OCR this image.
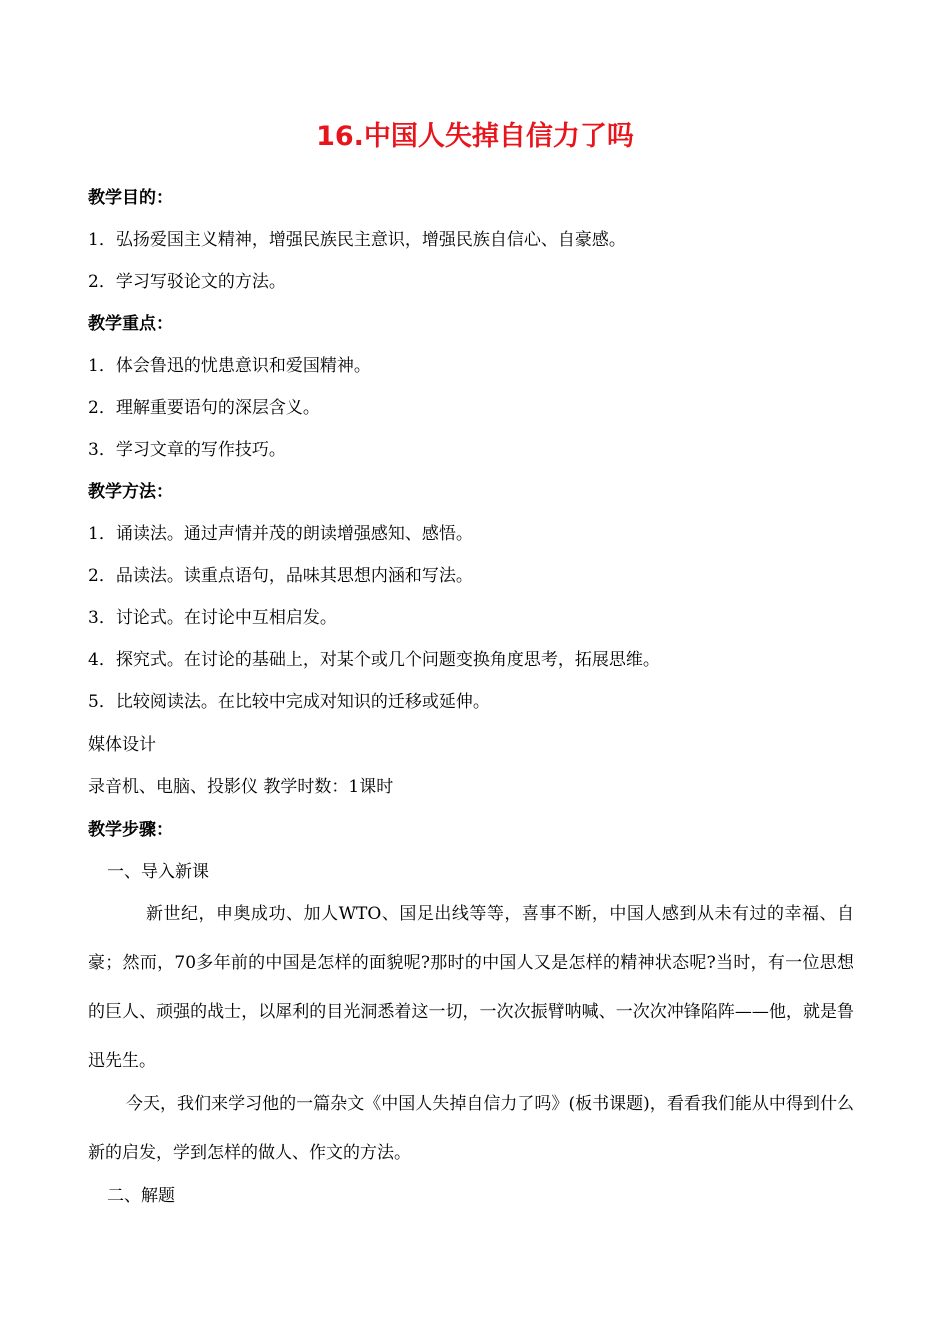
16.中国人失掉自信力了吗
教学目的：
1．弘扬爱国主义精神，增强民族民主意识，增强民族自信心、自豪感。
2．学习写驳论文的方法。
教学重点：
1．体会鲁迅的忧患意识和爱国精神。
2．理解重要语句的深层含义。
3．学习文章的写作技巧。
教学方法：
1．诵读法。通过声情并茂的朗读增强感知、感悟。
2．品读法。读重点语句，品味其思想内涵和写法。
3．讨论式。在讨论中互相启发。
4．探究式。在讨论的基础上，对某个或几个问题变换角度思考，拓展思维。
5．比较阅读法。在比较中完成对知识的迁移或延伸。
媒体设计
录音机、电脑、投影仪 教学时数：1课时
教学步骤：
一、导入新课
新世纪，申奥成功、加人WTO、国足出线等等，喜事不断，中国人感到从未有过的幸福、自豪；然而，70多年前的中国是怎样的面貌呢?那时的中国人又是怎样的精神状态呢?当时，有一位思想的巨人、顽强的战士，以犀利的目光洞悉着这一切，一次次振臂呐喊、一次次冲锋陷阵——他，就是鲁迅先生。
今天，我们来学习他的一篇杂文《中国人失掉自信力了吗》(板书课题)，看看我们能从中得到什么新的启发，学到怎样的做人、作文的方法。
二、解题
